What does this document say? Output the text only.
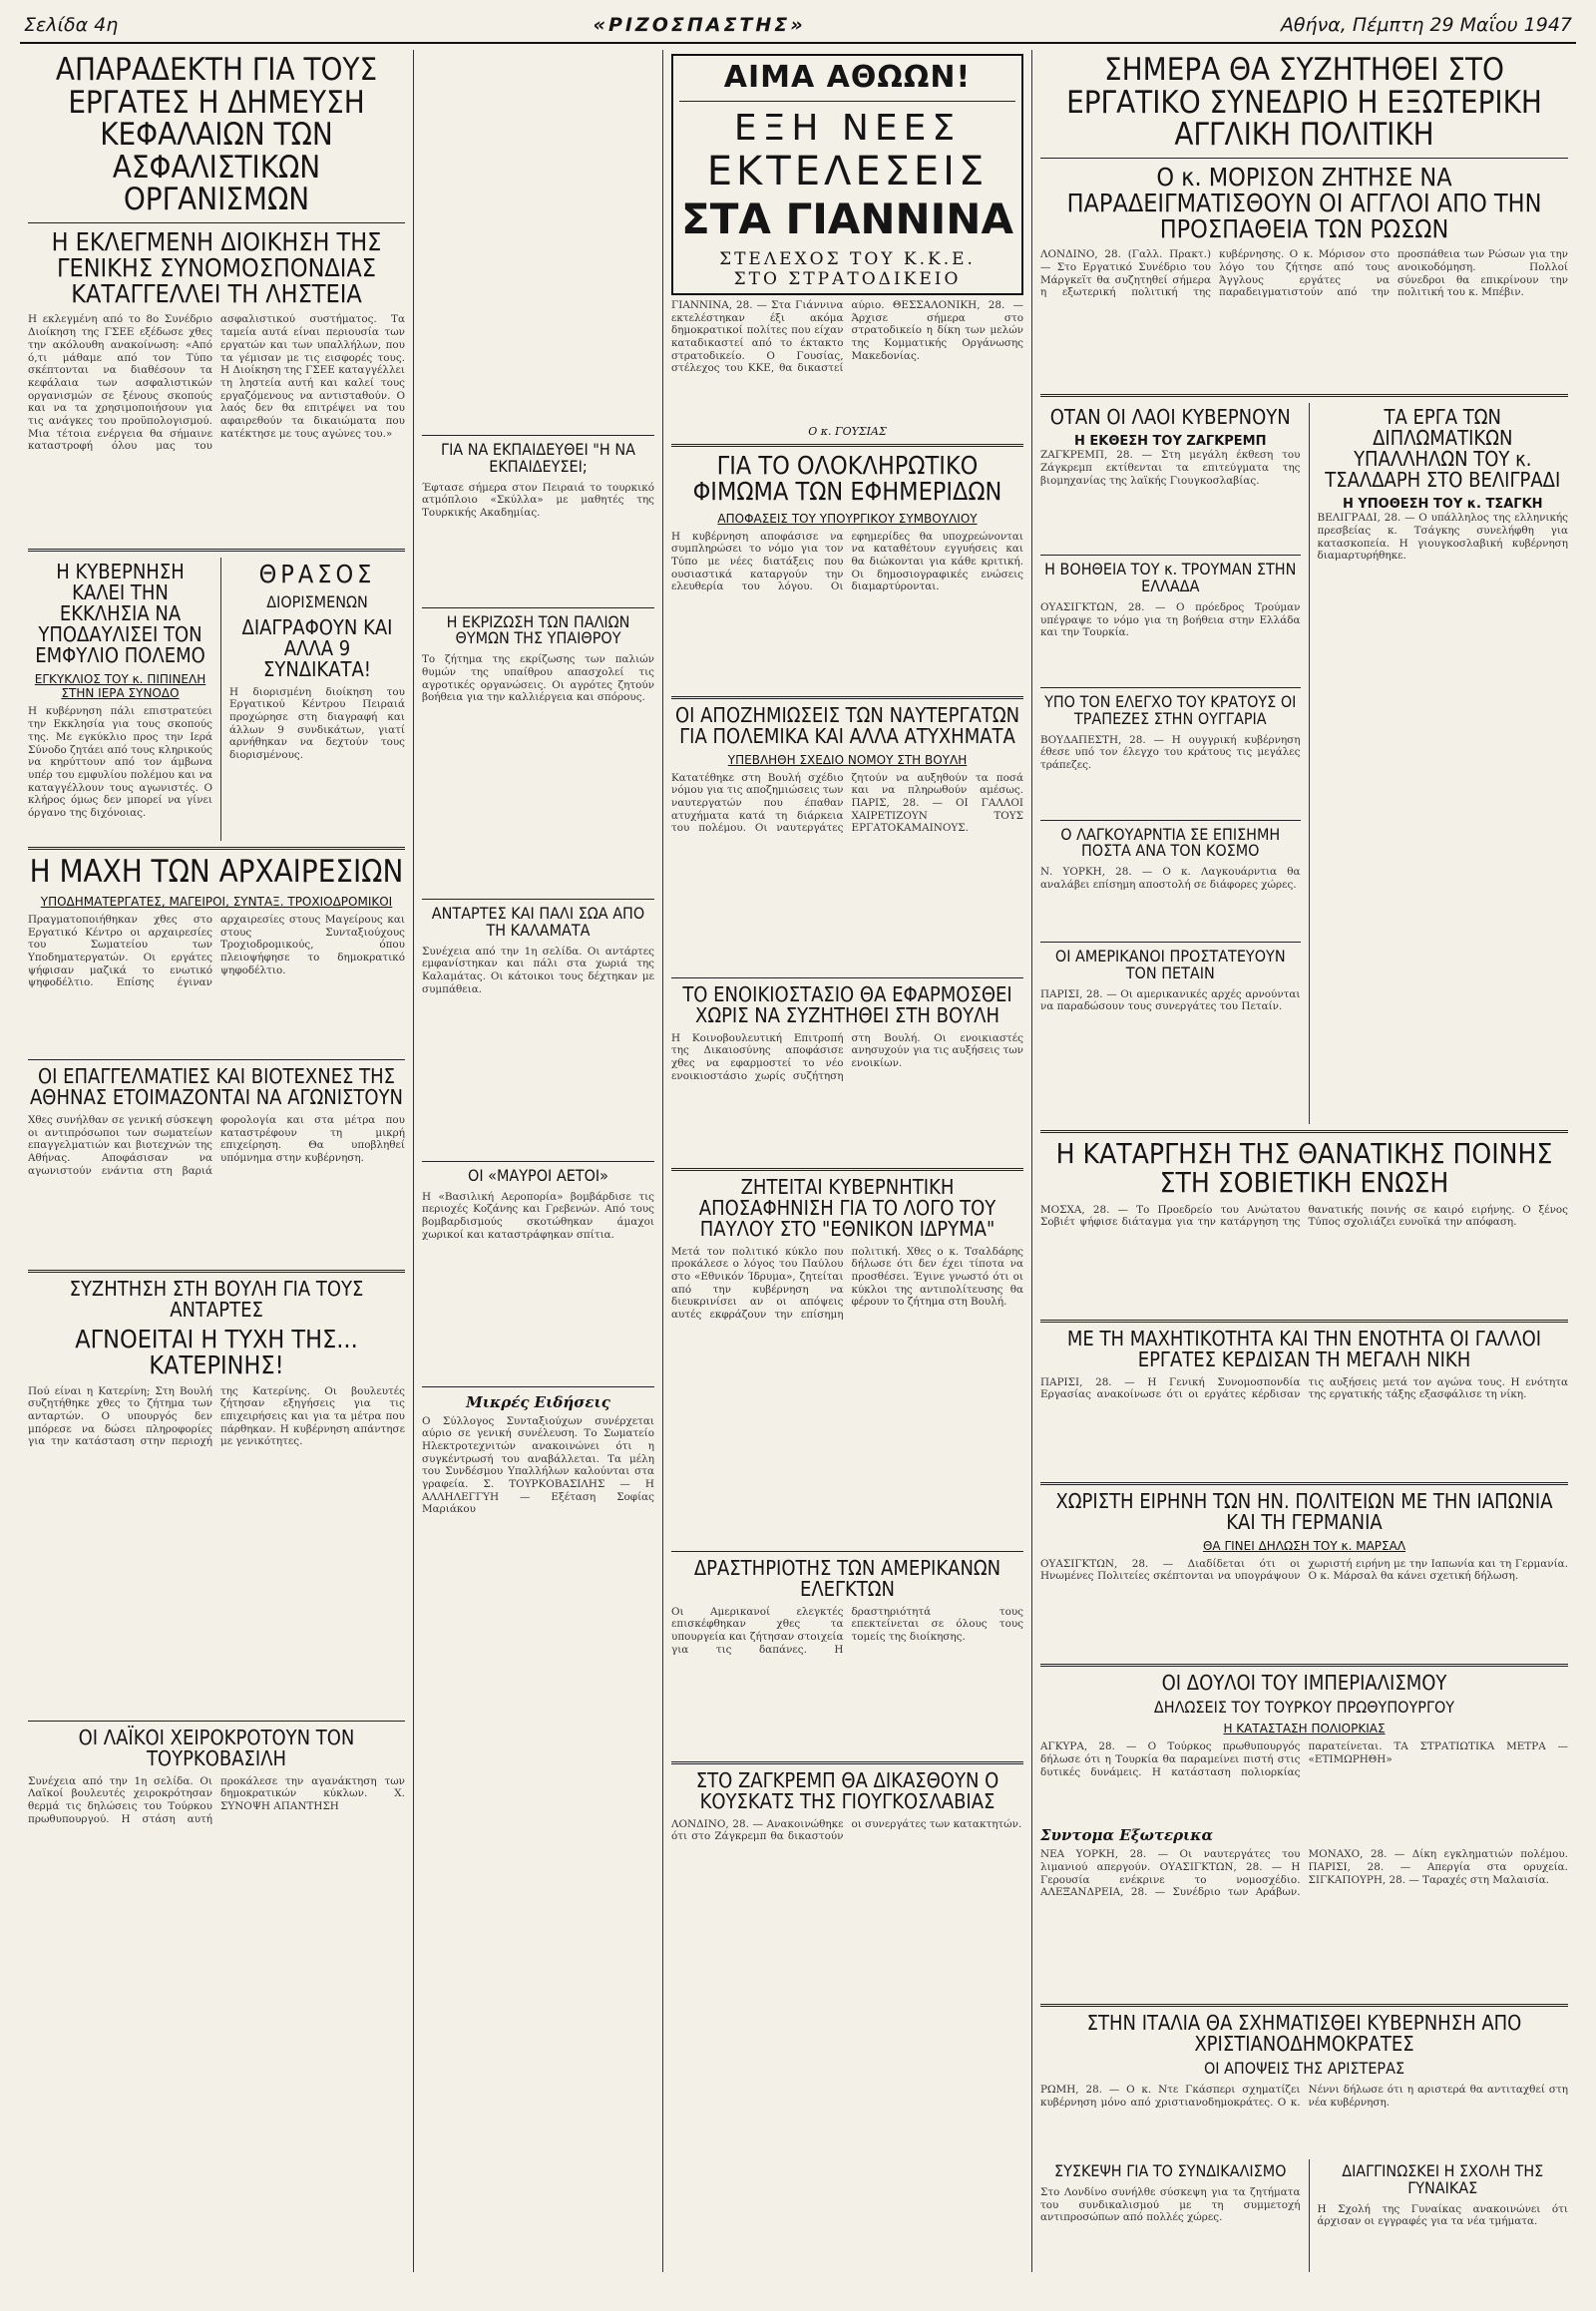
Σελίδα 4η	«ΡΙΖΟΣΠΑΣΤΗΣ»	Αθήνα, Πέμπτη 29 Μαΐου 1947
ΑΠΑΡΑΔΕΚΤΗ ΓΙΑ ΤΟΥΣ ΕΡΓΑΤΕΣ Η ΔΗΜΕΥΣΗ ΚΕΦΑΛΑΙΩΝ ΤΩΝ ΑΣΦΑΛΙΣΤΙΚΩΝ ΟΡΓΑΝΙΣΜΩΝ
Η ΕΚΛΕΓΜΕΝΗ ΔΙΟΙΚΗΣΗ ΤΗΣ ΓΕΝΙΚΗΣ ΣΥΝΟΜΟΣΠΟΝΔΙΑΣ ΚΑΤΑΓΓΕΛΛΕΙ ΤΗ ΛΗΣΤΕΙΑ

Η εκλεγμένη από το 8ο Συνέδριο Διοίκηση της ΓΣΕΕ εξέδωσε χθες την ακόλουθη ανακοίνωση: «Από ό,τι μάθαμε από τον Τύπο σκέπτονται να διαθέσουν τα κεφάλαια των ασφαλιστικών οργανισμών σε ξένους σκοπούς και να τα χρησιμοποιήσουν για τις ανάγκες του προϋπολογισμού. Μια τέτοια ενέργεια θα σήμαινε καταστροφή όλου μας του ασφαλιστικού συστήματος. Τα ταμεία αυτά είναι περιουσία των εργατών και των υπαλλήλων, που τα γέμισαν με τις εισφορές τους. Η Διοίκηση της ΓΣΕΕ καταγγέλλει τη ληστεία αυτή και καλεί τους εργαζόμενους να αντισταθούν. Ο λαός δεν θα επιτρέψει να του αφαιρεθούν τα δικαιώματα που κατέκτησε με τους αγώνες του.»

Η ΚΥΒΕΡΝΗΣΗ ΚΑΛΕΙ ΤΗΝ ΕΚΚΛΗΣΙΑ ΝΑ ΥΠΟΔΑΥΛΙΣΕΙ ΤΟΝ ΕΜΦΥΛΙΟ ΠΟΛΕΜΟ
ΕΓΚΥΚΛΙΟΣ ΤΟΥ κ. ΠΙΠΙΝΕΛΗ ΣΤΗΝ ΙΕΡΑ ΣΥΝΟΔΟ

Η κυβέρνηση πάλι επιστρατεύει την Εκκλησία για τους σκοπούς της. Με εγκύκλιο προς την Ιερά Σύνοδο ζητάει από τους κληρικούς να κηρύττουν από τον άμβωνα υπέρ του εμφυλίου πολέμου και να καταγγέλλουν τους αγωνιστές. Ο κλήρος όμως δεν μπορεί να γίνει όργανο της διχόνοιας.

ΘΡΑΣΟΣ
ΔΙΟΡΙΣΜΕΝΩΝ
ΔΙΑΓΡΑΦΟΥΝ ΚΑΙ ΑΛΛΑ 9 ΣΥΝΔΙΚΑΤΑ!

Η διορισμένη διοίκηση του Εργατικού Κέντρου Πειραιά προχώρησε στη διαγραφή και άλλων 9 συνδικάτων, γιατί αρνήθηκαν να δεχτούν τους διορισμένους.

Η ΜΑΧΗ ΤΩΝ ΑΡΧΑΙΡΕΣΙΩΝ
ΥΠΟΔΗΜΑΤΕΡΓΑΤΕΣ, ΜΑΓΕΙΡΟΙ, ΣΥΝΤΑΞ. ΤΡΟΧΙΟΔΡΟΜΙΚΟΙ

Πραγματοποιήθηκαν χθες στο Εργατικό Κέντρο οι αρχαιρεσίες του Σωματείου των Υποδηματεργατών. Οι εργάτες ψήφισαν μαζικά το ενωτικό ψηφοδέλτιο. Επίσης έγιναν αρχαιρεσίες στους Μαγείρους και στους Συνταξιούχους Τροχιοδρομικούς, όπου πλειοψήφησε το δημοκρατικό ψηφοδέλτιο.

ΟΙ ΕΠΑΓΓΕΛΜΑΤΙΕΣ ΚΑΙ ΒΙΟΤΕΧΝΕΣ ΤΗΣ ΑΘΗΝΑΣ ΕΤΟΙΜΑΖΟΝΤΑΙ ΝΑ ΑΓΩΝΙΣΤΟΥΝ

Χθες συνήλθαν σε γενική σύσκεψη οι αντιπρόσωποι των σωματείων επαγγελματιών και βιοτεχνών της Αθήνας. Αποφάσισαν να αγωνιστούν ενάντια στη βαριά φορολογία και στα μέτρα που καταστρέφουν τη μικρή επιχείρηση. Θα υποβληθεί υπόμνημα στην κυβέρνηση.

ΣΥΖΗΤΗΣΗ ΣΤΗ ΒΟΥΛΗ ΓΙΑ ΤΟΥΣ ΑΝΤΑΡΤΕΣ
ΑΓΝΟΕΙΤΑΙ Η ΤΥΧΗ ΤΗΣ... ΚΑΤΕΡΙΝΗΣ!

Πού είναι η Κατερίνη; Στη Βουλή συζητήθηκε χθες το ζήτημα των ανταρτών. Ο υπουργός δεν μπόρεσε να δώσει πληροφορίες για την κατάσταση στην περιοχή της Κατερίνης. Οι βουλευτές ζήτησαν εξηγήσεις για τις επιχειρήσεις και για τα μέτρα που πάρθηκαν. Η κυβέρνηση απάντησε με γενικότητες.

ΟΙ ΛΑΪΚΟΙ ΧΕΙΡΟΚΡΟΤΟΥΝ ΤΟΝ ΤΟΥΡΚΟΒΑΣΙΛΗ

Συνέχεια από την 1η σελίδα. Οι Λαϊκοί βουλευτές χειροκρότησαν θερμά τις δηλώσεις του Τούρκου πρωθυπουργού. Η στάση αυτή προκάλεσε την αγανάκτηση των δημοκρατικών κύκλων. Χ. ΣΥΝΟΨΗ ΑΠΑΝΤΗΣΗ

ΓΙΑ ΝΑ ΕΚΠΑΙΔΕΥΘΕΙ "Η ΝΑ ΕΚΠΑΙΔΕΥΣΕΙ;

Έφτασε σήμερα στον Πειραιά το τουρκικό ατμόπλοιο «Σκύλλα» με μαθητές της Τουρκικής Ακαδημίας.

Η ΕΚΡΙΖΩΣΗ ΤΩΝ ΠΑΛΙΩΝ ΘΥΜΩΝ ΤΗΣ ΥΠΑΙΘΡΟΥ

Το ζήτημα της εκρίζωσης των παλιών θυμών της υπαίθρου απασχολεί τις αγροτικές οργανώσεις. Οι αγρότες ζητούν βοήθεια για την καλλιέργεια και σπόρους.

ΑΝΤΑΡΤΕΣ ΚΑΙ ΠΑΛΙ ΣΩΑ ΑΠΟ ΤΗ ΚΑΛΑΜΑΤΑ

Συνέχεια από την 1η σελίδα. Οι αντάρτες εμφανίστηκαν και πάλι στα χωριά της Καλαμάτας. Οι κάτοικοι τους δέχτηκαν με συμπάθεια.

ΟΙ «ΜΑΥΡΟΙ ΑΕΤΟΙ»

Η «Βασιλική Αεροπορία» βομβάρδισε τις περιοχές Κοζάνης και Γρεβενών. Από τους βομβαρδισμούς σκοτώθηκαν άμαχοι χωρικοί και καταστράφηκαν σπίτια.

Μικρές Ειδήσεις

Ο Σύλλογος Συνταξιούχων συνέρχεται αύριο σε γενική συνέλευση. Το Σωματείο Ηλεκτροτεχνιτών ανακοινώνει ότι η συγκέντρωσή του αναβάλλεται. Τα μέλη του Συνδέσμου Υπαλλήλων καλούνται στα γραφεία. Σ. ΤΟΥΡΚΟΒΑΣΙΛΗΣ — Η ΑΛΛΗΛΕΓΓΥΗ — Εξέταση Σοφίας Μαριάκου

ΑΙΜΑ ΑΘΩΩΝ!
ΕΞΗ ΝΕΕΣ
ΕΚΤΕΛΕΣΕΙΣ
ΣΤΑ ΓΙΑΝΝΙΝΑ
ΣΤΕΛΕΧΟΣ ΤΟΥ Κ.Κ.Ε.
ΣΤΟ ΣΤΡΑΤΟΔΙΚΕΙΟ

ΓΙΑΝΝΙΝΑ, 28. — Στα Γιάννινα εκτελέστηκαν έξι ακόμα δημοκρατικοί πολίτες που είχαν καταδικαστεί από το έκτακτο στρατοδικείο. Ο Γουσίας, στέλεχος του ΚΚΕ, θα δικαστεί αύριο. ΘΕΣΣΑΛΟΝΙΚΗ, 28. — Άρχισε σήμερα στο στρατοδικείο η δίκη των μελών της Κομματικής Οργάνωσης Μακεδονίας.

Ο κ. ΓΟΥΣΙΑΣ
ΓΙΑ ΤΟ ΟΛΟΚΛΗΡΩΤΙΚΟ ΦΙΜΩΜΑ ΤΩΝ ΕΦΗΜΕΡΙΔΩΝ
ΑΠΟΦΑΣΕΙΣ ΤΟΥ ΥΠΟΥΡΓΙΚΟΥ ΣΥΜΒΟΥΛΙΟΥ

Η κυβέρνηση αποφάσισε να συμπληρώσει το νόμο για τον Τύπο με νέες διατάξεις που ουσιαστικά καταργούν την ελευθερία του λόγου. Οι εφημερίδες θα υποχρεώνονται να καταθέτουν εγγυήσεις και θα διώκονται για κάθε κριτική. Οι δημοσιογραφικές ενώσεις διαμαρτύρονται.

ΟΙ ΑΠΟΖΗΜΙΩΣΕΙΣ ΤΩΝ ΝΑΥΤΕΡΓΑΤΩΝ ΓΙΑ ΠΟΛΕΜΙΚΑ ΚΑΙ ΑΛΛΑ ΑΤΥΧΗΜΑΤΑ
ΥΠΕΒΛΗΘΗ ΣΧΕΔΙΟ ΝΟΜΟΥ ΣΤΗ ΒΟΥΛΗ

Κατατέθηκε στη Βουλή σχέδιο νόμου για τις αποζημιώσεις των ναυτεργατών που έπαθαν ατυχήματα κατά τη διάρκεια του πολέμου. Οι ναυτεργάτες ζητούν να αυξηθούν τα ποσά και να πληρωθούν αμέσως. ΠΑΡΙΣ, 28. — ΟΙ ΓΑΛΛΟΙ ΧΑΙΡΕΤΙΖΟΥΝ ΤΟΥΣ ΕΡΓΑΤΟΚΑΜΑΙΝΟΥΣ.

ΤΟ ΕΝΟΙΚΙΟΣΤΑΣΙΟ ΘΑ ΕΦΑΡΜΟΣΘΕΙ ΧΩΡΙΣ ΝΑ ΣΥΖΗΤΗΘΕΙ ΣΤΗ ΒΟΥΛΗ

Η Κοινοβουλευτική Επιτροπή της Δικαιοσύνης αποφάσισε χθες να εφαρμοστεί το νέο ενοικιοστάσιο χωρίς συζήτηση στη Βουλή. Οι ενοικιαστές ανησυχούν για τις αυξήσεις των ενοικίων.

ΖΗΤΕΙΤΑΙ ΚΥΒΕΡΝΗΤΙΚΗ ΑΠΟΣΑΦΗΝΙΣΗ ΓΙΑ ΤΟ ΛΟΓΟ ΤΟΥ ΠΑΥΛΟΥ ΣΤΟ "ΕΘΝΙΚΟΝ ΙΔΡΥΜΑ"

Μετά τον πολιτικό κύκλο που προκάλεσε ο λόγος του Παύλου στο «Εθνικόν Ίδρυμα», ζητείται από την κυβέρνηση να διευκρινίσει αν οι απόψεις αυτές εκφράζουν την επίσημη πολιτική. Χθες ο κ. Τσαλδάρης δήλωσε ότι δεν έχει τίποτα να προσθέσει. Έγινε γνωστό ότι οι κύκλοι της αντιπολίτευσης θα φέρουν το ζήτημα στη Βουλή.

ΔΡΑΣΤΗΡΙΟΤΗΣ ΤΩΝ ΑΜΕΡΙΚΑΝΩΝ ΕΛΕΓΚΤΩΝ

Οι Αμερικανοί ελεγκτές επισκέφθηκαν χθες τα υπουργεία και ζήτησαν στοιχεία για τις δαπάνες. Η δραστηριότητά τους επεκτείνεται σε όλους τους τομείς της διοίκησης.

ΣΤΟ ΖΑΓΚΡΕΜΠ ΘΑ ΔΙΚΑΣΘΟΥΝ Ο ΚΟΥΣΚΑΤΣ ΤΗΣ ΓΙΟΥΓΚΟΣΛΑΒΙΑΣ

ΛΟΝΔΙΝΟ, 28. — Ανακοινώθηκε ότι στο Ζάγκρεμπ θα δικαστούν οι συνεργάτες των κατακτητών.

ΣΗΜΕΡΑ ΘΑ ΣΥΖΗΤΗΘΕΙ ΣΤΟ ΕΡΓΑΤΙΚΟ ΣΥΝΕΔΡΙΟ Η ΕΞΩΤΕΡΙΚΗ ΑΓΓΛΙΚΗ ΠΟΛΙΤΙΚΗ
Ο κ. ΜΟΡΙΣΟΝ ΖΗΤΗΣΕ ΝΑ ΠΑΡΑΔΕΙΓΜΑΤΙΣΘΟΥΝ ΟΙ ΑΓΓΛΟΙ ΑΠΟ ΤΗΝ ΠΡΟΣΠΑΘΕΙΑ ΤΩΝ ΡΩΣΩΝ

ΛΟΝΔΙΝΟ, 28. (Γαλλ. Πρακτ.) — Στο Εργατικό Συνέδριο του Μάργκεϊτ θα συζητηθεί σήμερα η εξωτερική πολιτική της κυβέρνησης. Ο κ. Μόρισον στο λόγο του ζήτησε από τους Άγγλους εργάτες να παραδειγματιστούν από την προσπάθεια των Ρώσων για την ανοικοδόμηση. Πολλοί σύνεδροι θα επικρίνουν την πολιτική του κ. Μπέβιν.

ΟΤΑΝ ΟΙ ΛΑΟΙ ΚΥΒΕΡΝΟΥΝ
Η ΕΚΘΕΣΗ ΤΟΥ ΖΑΓΚΡΕΜΠ

ΖΑΓΚΡΕΜΠ, 28. — Στη μεγάλη έκθεση του Ζάγκρεμπ εκτίθενται τα επιτεύγματα της βιομηχανίας της λαϊκής Γιουγκοσλαβίας.

Η ΒΟΗΘΕΙΑ ΤΟΥ κ. ΤΡΟΥΜΑΝ ΣΤΗΝ ΕΛΛΑΔΑ

ΟΥΑΣΙΓΚΤΩΝ, 28. — Ο πρόεδρος Τρούμαν υπέγραψε το νόμο για τη βοήθεια στην Ελλάδα και την Τουρκία.

ΥΠΟ ΤΟΝ ΕΛΕΓΧΟ ΤΟΥ ΚΡΑΤΟΥΣ ΟΙ ΤΡΑΠΕΖΕΣ ΣΤΗΝ ΟΥΓΓΑΡΙΑ

ΒΟΥΔΑΠΕΣΤΗ, 28. — Η ουγγρική κυβέρνηση έθεσε υπό τον έλεγχο του κράτους τις μεγάλες τράπεζες.

Ο ΛΑΓΚΟΥΑΡΝΤΙΑ ΣΕ ΕΠΙΣΗΜΗ ΠΟΣΤΑ ΑΝΑ ΤΟΝ ΚΟΣΜΟ

Ν. ΥΟΡΚΗ, 28. — Ο κ. Λαγκουάρντια θα αναλάβει επίσημη αποστολή σε διάφορες χώρες.

ΟΙ ΑΜΕΡΙΚΑΝΟΙ ΠΡΟΣΤΑΤΕΥΟΥΝ ΤΟΝ ΠΕΤΑΙΝ

ΠΑΡΙΣΙ, 28. — Οι αμερικανικές αρχές αρνούνται να παραδώσουν τους συνεργάτες του Πεταίν.

ΤΑ ΕΡΓΑ ΤΩΝ ΔΙΠΛΩΜΑΤΙΚΩΝ ΥΠΑΛΛΗΛΩΝ ΤΟΥ κ. ΤΣΑΛΔΑΡΗ ΣΤΟ ΒΕΛΙΓΡΑΔΙ
Η ΥΠΟΘΕΣΗ ΤΟΥ κ. ΤΣΑΓΚΗ

ΒΕΛΙΓΡΑΔΙ, 28. — Ο υπάλληλος της ελληνικής πρεσβείας κ. Τσάγκης συνελήφθη για κατασκοπεία. Η γιουγκοσλαβική κυβέρνηση διαμαρτυρήθηκε.

Η ΚΑΤΑΡΓΗΣΗ ΤΗΣ ΘΑΝΑΤΙΚΗΣ ΠΟΙΝΗΣ ΣΤΗ ΣΟΒΙΕΤΙΚΗ ΕΝΩΣΗ

ΜΟΣΧΑ, 28. — Το Προεδρείο του Ανώτατου Σοβιέτ ψήφισε διάταγμα για την κατάργηση της θανατικής ποινής σε καιρό ειρήνης. Ο ξένος Τύπος σχολιάζει ευνοϊκά την απόφαση.

ΜΕ ΤΗ ΜΑΧΗΤΙΚΟΤΗΤΑ ΚΑΙ ΤΗΝ ΕΝΟΤΗΤΑ ΟΙ ΓΑΛΛΟΙ ΕΡΓΑΤΕΣ ΚΕΡΔΙΣΑΝ ΤΗ ΜΕΓΑΛΗ ΝΙΚΗ

ΠΑΡΙΣΙ, 28. — Η Γενική Συνομοσπονδία Εργασίας ανακοίνωσε ότι οι εργάτες κέρδισαν τις αυξήσεις μετά τον αγώνα τους. Η ενότητα της εργατικής τάξης εξασφάλισε τη νίκη.

ΧΩΡΙΣΤΗ ΕΙΡΗΝΗ ΤΩΝ ΗΝ. ΠΟΛΙΤΕΙΩΝ ΜΕ ΤΗΝ ΙΑΠΩΝΙΑ ΚΑΙ ΤΗ ΓΕΡΜΑΝΙΑ
ΘΑ ΓΙΝΕΙ ΔΗΛΩΣΗ ΤΟΥ κ. ΜΑΡΣΑΛ

ΟΥΑΣΙΓΚΤΩΝ, 28. — Διαδίδεται ότι οι Ηνωμένες Πολιτείες σκέπτονται να υπογράψουν χωριστή ειρήνη με την Ιαπωνία και τη Γερμανία. Ο κ. Μάρσαλ θα κάνει σχετική δήλωση.

ΟΙ ΔΟΥΛΟΙ ΤΟΥ ΙΜΠΕΡΙΑΛΙΣΜΟΥ
ΔΗΛΩΣΕΙΣ ΤΟΥ ΤΟΥΡΚΟΥ ΠΡΩΘΥΠΟΥΡΓΟΥ
Η ΚΑΤΑΣΤΑΣΗ ΠΟΛΙΟΡΚΙΑΣ

ΑΓΚΥΡΑ, 28. — Ο Τούρκος πρωθυπουργός δήλωσε ότι η Τουρκία θα παραμείνει πιστή στις δυτικές δυνάμεις. Η κατάσταση πολιορκίας παρατείνεται. ΤΑ ΣΤΡΑΤΙΩΤΙΚΑ ΜΕΤΡΑ — «ΕΤΙΜΩΡΗΘΗ»

Συντομα Εξωτερικα

ΝΕΑ ΥΟΡΚΗ, 28. — Οι ναυτεργάτες του λιμανιού απεργούν. ΟΥΑΣΙΓΚΤΩΝ, 28. — Η Γερουσία ενέκρινε το νομοσχέδιο. ΑΛΕΞΑΝΔΡΕΙΑ, 28. — Συνέδριο των Αράβων. ΜΟΝΑΧΟ, 28. — Δίκη εγκληματιών πολέμου. ΠΑΡΙΣΙ, 28. — Απεργία στα ορυχεία. ΣΙΓΚΑΠΟΥΡΗ, 28. — Ταραχές στη Μαλαισία.

ΣΤΗΝ ΙΤΑΛΙΑ ΘΑ ΣΧΗΜΑΤΙΣΘΕΙ ΚΥΒΕΡΝΗΣΗ ΑΠΟ ΧΡΙΣΤΙΑΝΟΔΗΜΟΚΡΑΤΕΣ
ΟΙ ΑΠΟΨΕΙΣ ΤΗΣ ΑΡΙΣΤΕΡΑΣ

ΡΩΜΗ, 28. — Ο κ. Ντε Γκάσπερι σχηματίζει κυβέρνηση μόνο από χριστιανοδημοκράτες. Ο κ. Νέννι δήλωσε ότι η αριστερά θα αντιταχθεί στη νέα κυβέρνηση.

ΣΥΣΚΕΨΗ ΓΙΑ ΤΟ ΣΥΝΔΙΚΑΛΙΣΜΟ

Στο Λονδίνο συνήλθε σύσκεψη για τα ζητήματα του συνδικαλισμού με τη συμμετοχή αντιπροσώπων από πολλές χώρες.

ΔΙΑΓΓΙΝΩΣΚΕΙ Η ΣΧΟΛΗ ΤΗΣ ΓΥΝΑΙΚΑΣ

Η Σχολή της Γυναίκας ανακοινώνει ότι άρχισαν οι εγγραφές για τα νέα τμήματα.
